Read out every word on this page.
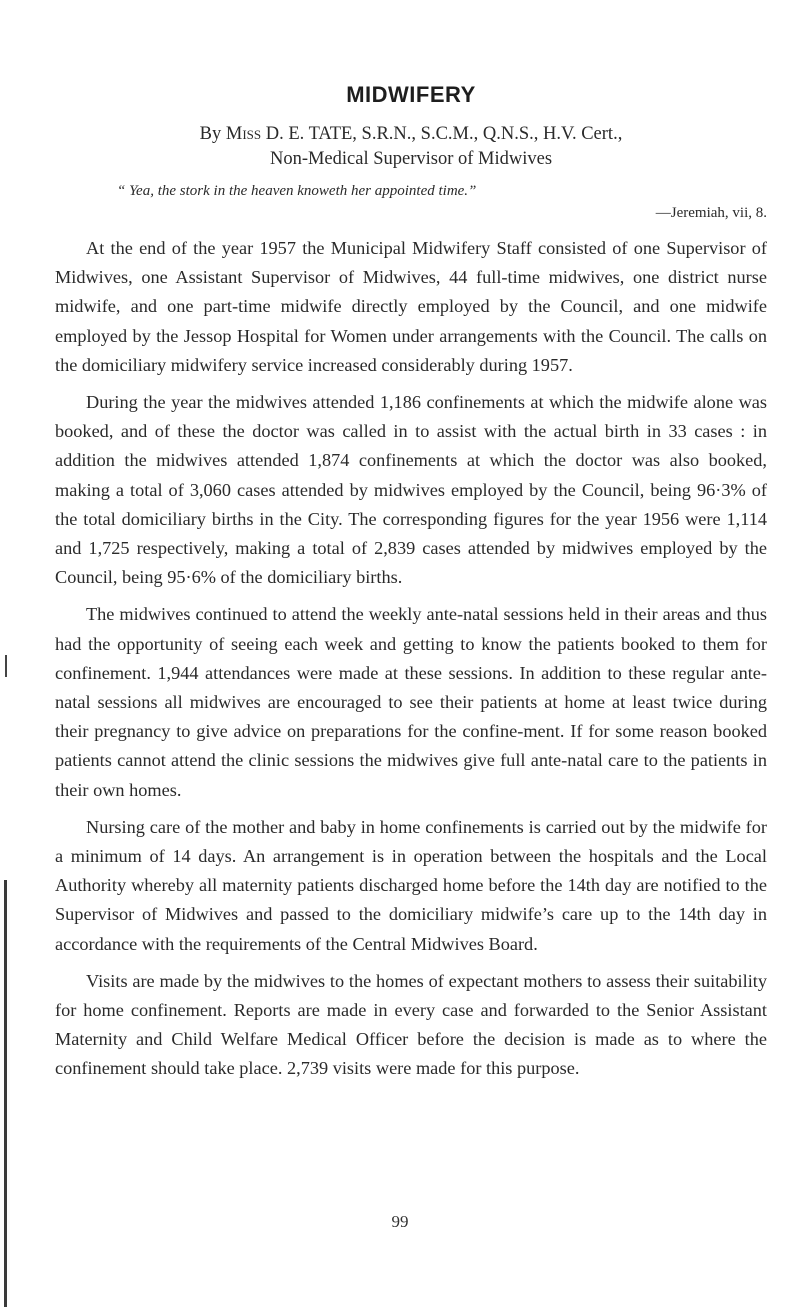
MIDWIFERY

By Miss D. E. TATE, S.R.N., S.C.M., Q.N.S., H.V. Cert.,

Non-Medical Supervisor of Midwives

“ Yea, the stork in the heaven knoweth her appointed time.”
—Jeremiah, vii, 8.

At the end of the year 1957 the Municipal Midwifery Staff consisted of one Supervisor of Midwives, one Assistant Supervisor of Midwives, 44 full-time midwives, one district nurse midwife, and one part-time midwife directly employed by the Council, and one midwife employed by the Jessop Hospital for Women under arrangements with the Council. The calls on the domiciliary midwifery service increased considerably during 1957.

During the year the midwives attended 1,186 confinements at which the midwife alone was booked, and of these the doctor was called in to assist with the actual birth in 33 cases : in addition the midwives attended 1,874 confinements at which the doctor was also booked, making a total of 3,060 cases attended by midwives employed by the Council, being 96·3% of the total domiciliary births in the City. The corresponding figures for the year 1956 were 1,114 and 1,725 respectively, making a total of 2,839 cases attended by midwives employed by the Council, being 95·6% of the domiciliary births.

The midwives continued to attend the weekly ante-natal sessions held in their areas and thus had the opportunity of seeing each week and getting to know the patients booked to them for confinement. 1,944 attendances were made at these sessions. In addition to these regular ante-natal sessions all midwives are encouraged to see their patients at home at least twice during their pregnancy to give advice on preparations for the confine-ment. If for some reason booked patients cannot attend the clinic sessions the midwives give full ante-natal care to the patients in their own homes.

Nursing care of the mother and baby in home confinements is carried out by the midwife for a minimum of 14 days. An arrangement is in operation between the hospitals and the Local Authority whereby all maternity patients discharged home before the 14th day are notified to the Supervisor of Midwives and passed to the domiciliary midwife’s care up to the 14th day in accordance with the requirements of the Central Midwives Board.

Visits are made by the midwives to the homes of expectant mothers to assess their suitability for home confinement. Reports are made in every case and forwarded to the Senior Assistant Maternity and Child Welfare Medical Officer before the decision is made as to where the confinement should take place. 2,739 visits were made for this purpose.

99
